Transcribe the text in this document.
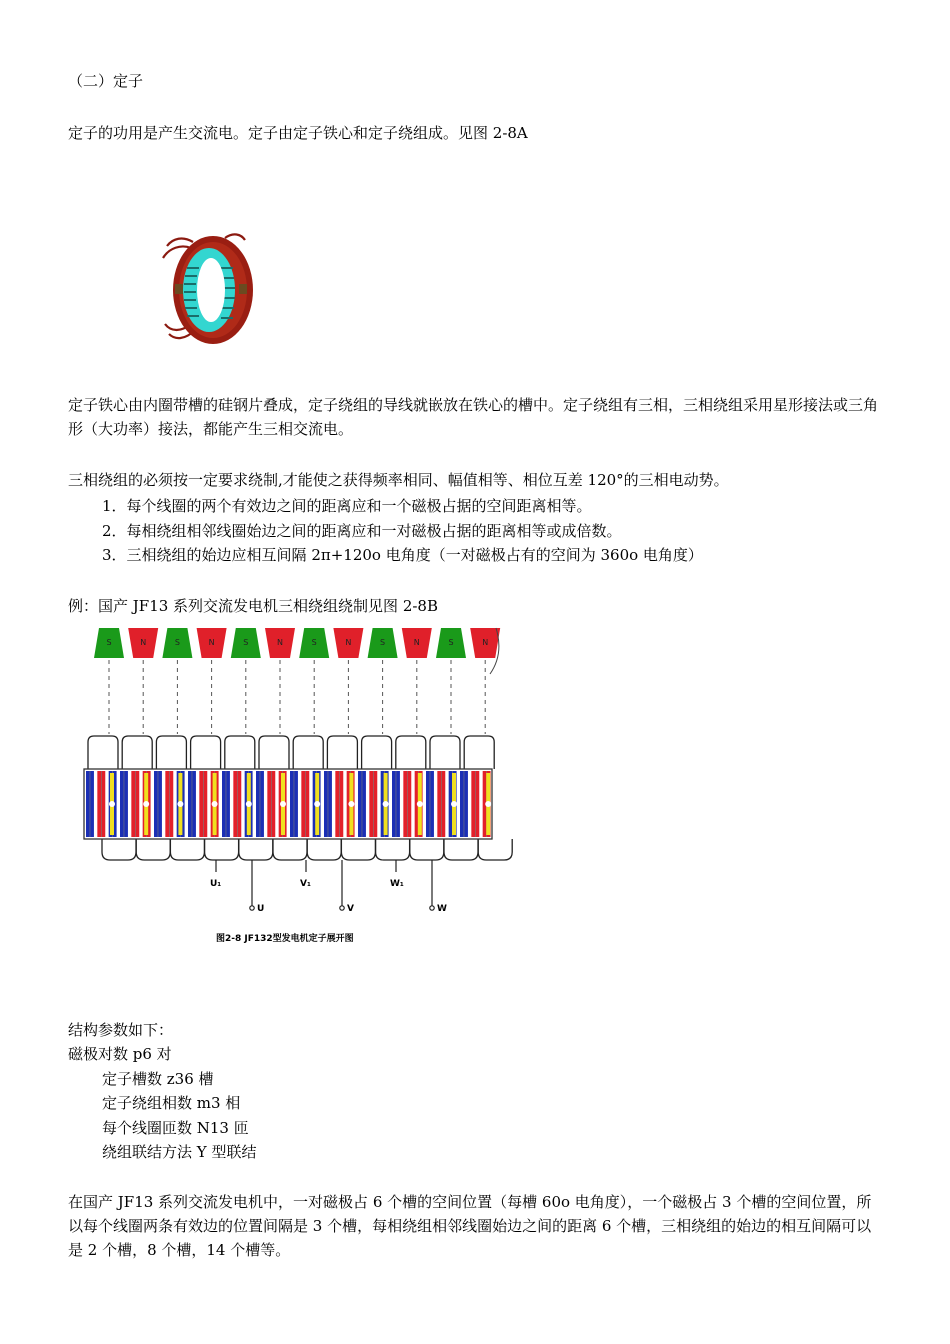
（二）定子

定子的功用是产生交流电。定子由定子铁心和定子绕组成。见图 2-8A

定子铁心由内圈带槽的硅钢片叠成，定子绕组的导线就嵌放在铁心的槽中。定子绕组有三相，三相绕组采用星形接法或三角形（大功率）接法，都能产生三相交流电。

三相绕组的必须按一定要求绕制,才能使之获得频率相同、幅值相等、相位互差 120°的三相电动势。

1．每个线圈的两个有效边之间的距离应和一个磁极占据的空间距离相等。

2．每相绕组相邻线圈始边之间的距离应和一对磁极占据的距离相等或成倍数。

3．三相绕组的始边应相互间隔 2π+120o 电角度（一对磁极占有的空间为 360o 电角度）

例：国产 JF13 系列交流发电机三相绕组绕制见图 2-8B

S	N	S	N	S	N	S	N	S	N	S	N
U₁	V₁	W₁
U	V	W
图2-8 JF132型发电机定子展开图

结构参数如下：

磁极对数 p6 对

定子槽数 z36 槽

定子绕组相数 m3 相

每个线圈匝数 N13 匝

绕组联结方法 Y 型联结

在国产 JF13 系列交流发电机中，一对磁极占 6 个槽的空间位置（每槽 60o 电角度），一个磁极占 3 个槽的空间位置，所以每个线圈两条有效边的位置间隔是 3 个槽，每相绕组相邻线圈始边之间的距离 6 个槽，三相绕组的始边的相互间隔可以是 2 个槽，8 个槽，14 个槽等。
